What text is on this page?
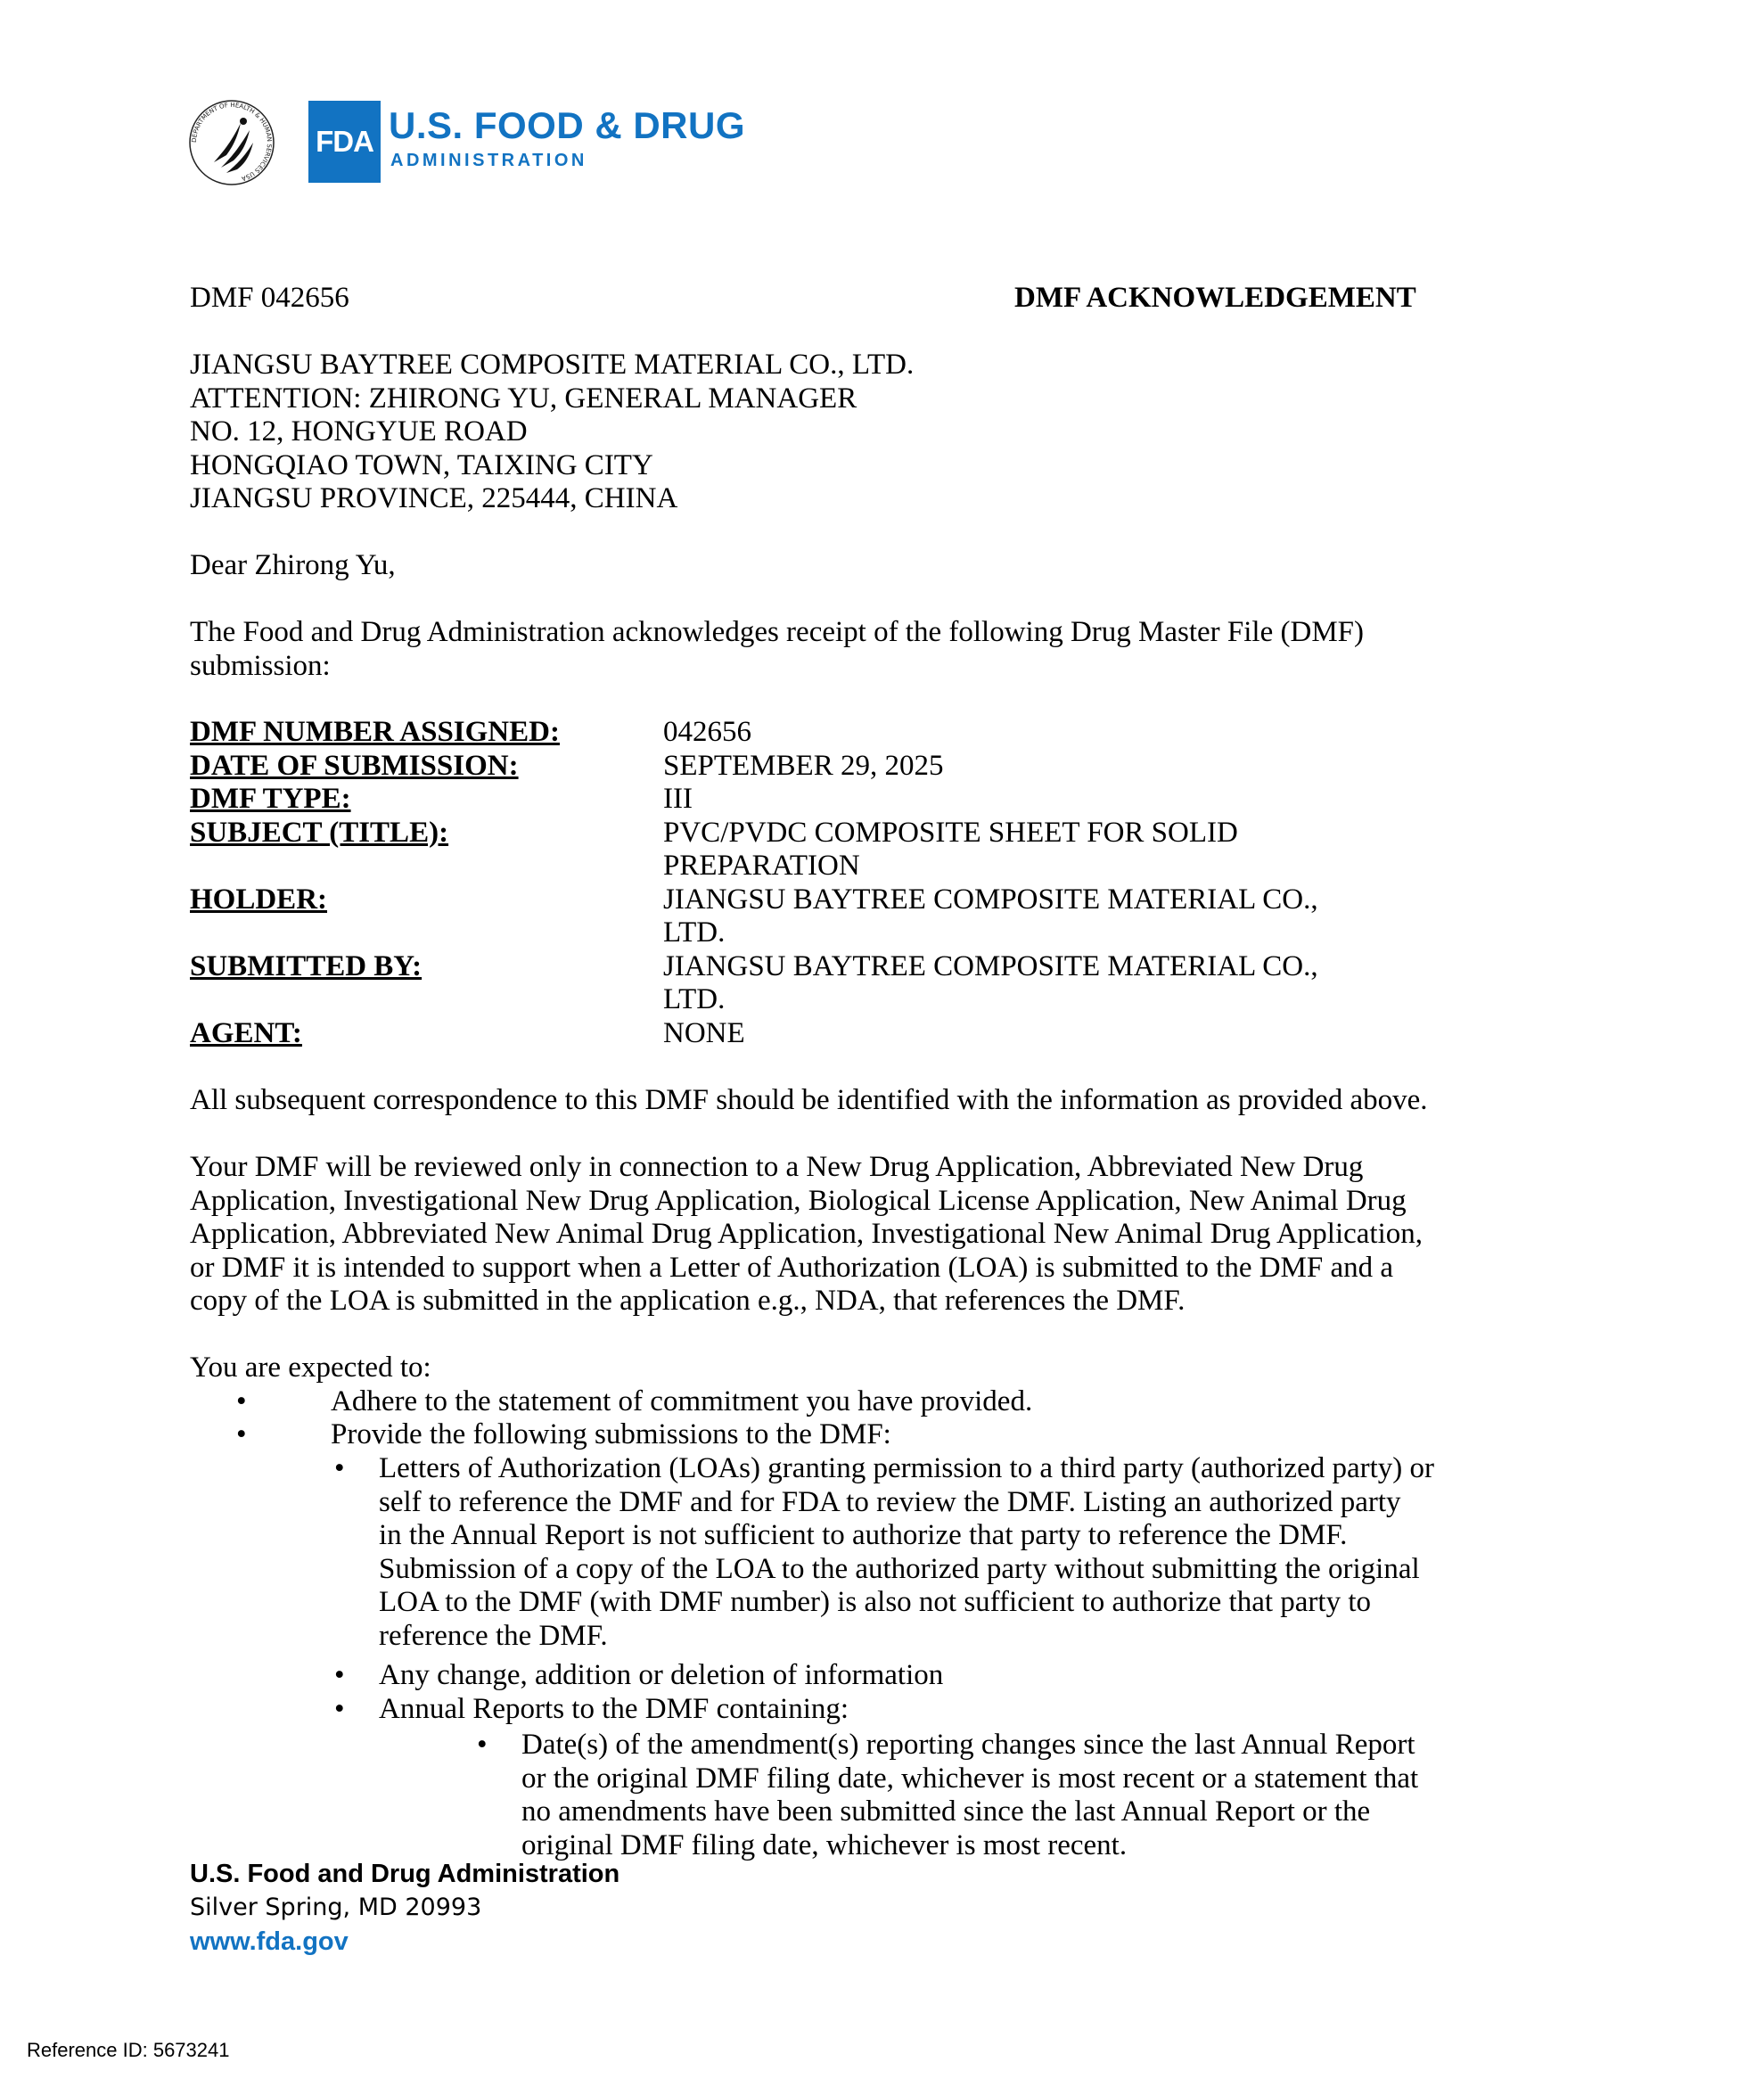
DEPARTMENT OF HEALTH & HUMAN SERVICES USA
FDA U.S. FOOD & DRUG
ADMINISTRATION
DMF 042656	DMF ACKNOWLEDGEMENT
JIANGSU BAYTREE COMPOSITE MATERIAL CO., LTD.
ATTENTION: ZHIRONG YU, GENERAL MANAGER
NO. 12, HONGYUE ROAD
HONGQIAO TOWN, TAIXING CITY
JIANGSU PROVINCE, 225444, CHINA
Dear Zhirong Yu,
The Food and Drug Administration acknowledges receipt of the following Drug Master File (DMF)
submission:
DMF NUMBER ASSIGNED:	042656
DATE OF SUBMISSION:	SEPTEMBER 29, 2025
DMF TYPE:	III
SUBJECT (TITLE):	PVC/PVDC COMPOSITE SHEET FOR SOLID
PREPARATION
HOLDER:	JIANGSU BAYTREE COMPOSITE MATERIAL CO.,
LTD.
SUBMITTED BY:	JIANGSU BAYTREE COMPOSITE MATERIAL CO.,
LTD.
AGENT:	NONE
All subsequent correspondence to this DMF should be identified with the information as provided above.
Your DMF will be reviewed only in connection to a New Drug Application, Abbreviated New Drug
Application, Investigational New Drug Application, Biological License Application, New Animal Drug
Application, Abbreviated New Animal Drug Application, Investigational New Animal Drug Application,
or DMF it is intended to support when a Letter of Authorization (LOA) is submitted to the DMF and a
copy of the LOA is submitted in the application e.g., NDA, that references the DMF.
You are expected to:
•	Adhere to the statement of commitment you have provided.
•	Provide the following submissions to the DMF:
• Letters of Authorization (LOAs) granting permission to a third party (authorized party) or
self to reference the DMF and for FDA to review the DMF. Listing an authorized party
in the Annual Report is not sufficient to authorize that party to reference the DMF.
Submission of a copy of the LOA to the authorized party without submitting the original
LOA to the DMF (with DMF number) is also not sufficient to authorize that party to
reference the DMF.
• Any change, addition or deletion of information
• Annual Reports to the DMF containing:
• Date(s) of the amendment(s) reporting changes since the last Annual Report
or the original DMF filing date, whichever is most recent or a statement that
no amendments have been submitted since the last Annual Report or the
original DMF filing date, whichever is most recent.
U.S. Food and Drug Administration
Silver Spring, MD 20993
www.fda.gov
Reference ID: 5673241
